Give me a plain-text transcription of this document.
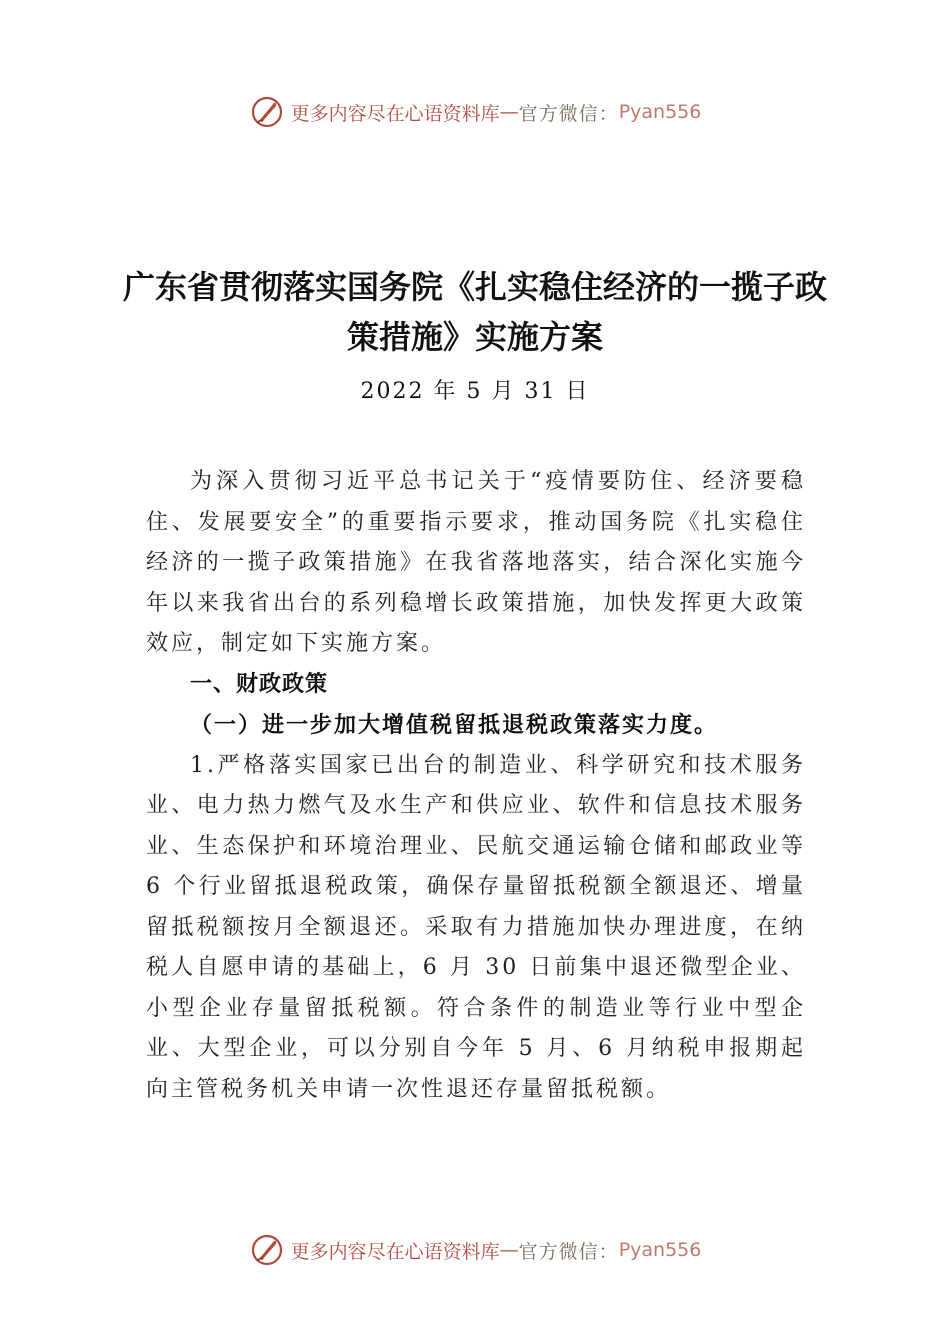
更多内容尽在心语资料库 — 官方微信： Pyan556
广东省贯彻落实国务院《扎实稳住经济的一揽子政策措施》实施方案
2022 年 5 月 31 日

为深入贯彻习近平总书记关于“疫情要防住、经济要稳住、发展要安全”的重要指示要求，推动国务院《扎实稳住经济的一揽子政策措施》在我省落地落实，结合深化实施今年以来我省出台的系列稳增长政策措施，加快发挥更大政策效应，制定如下实施方案。

一、财政政策

（一）进一步加大增值税留抵退税政策落实力度。

1.严格落实国家已出台的制造业、科学研究和技术服务业、电力热力燃气及水生产和供应业、软件和信息技术服务业、生态保护和环境治理业、民航交通运输仓储和邮政业等 6 个行业留抵退税政策，确保存量留抵税额全额退还、增量留抵税额按月全额退还。采取有力措施加快办理进度，在纳税人自愿申请的基础上，6 月 30 日前集中退还微型企业、小型企业存量留抵税额。符合条件的制造业等行业中型企业、大型企业，可以分别自今年 5 月、6 月纳税申报期起向主管税务机关申请一次性退还存量留抵税额。

更多内容尽在心语资料库 — 官方微信： Pyan556
